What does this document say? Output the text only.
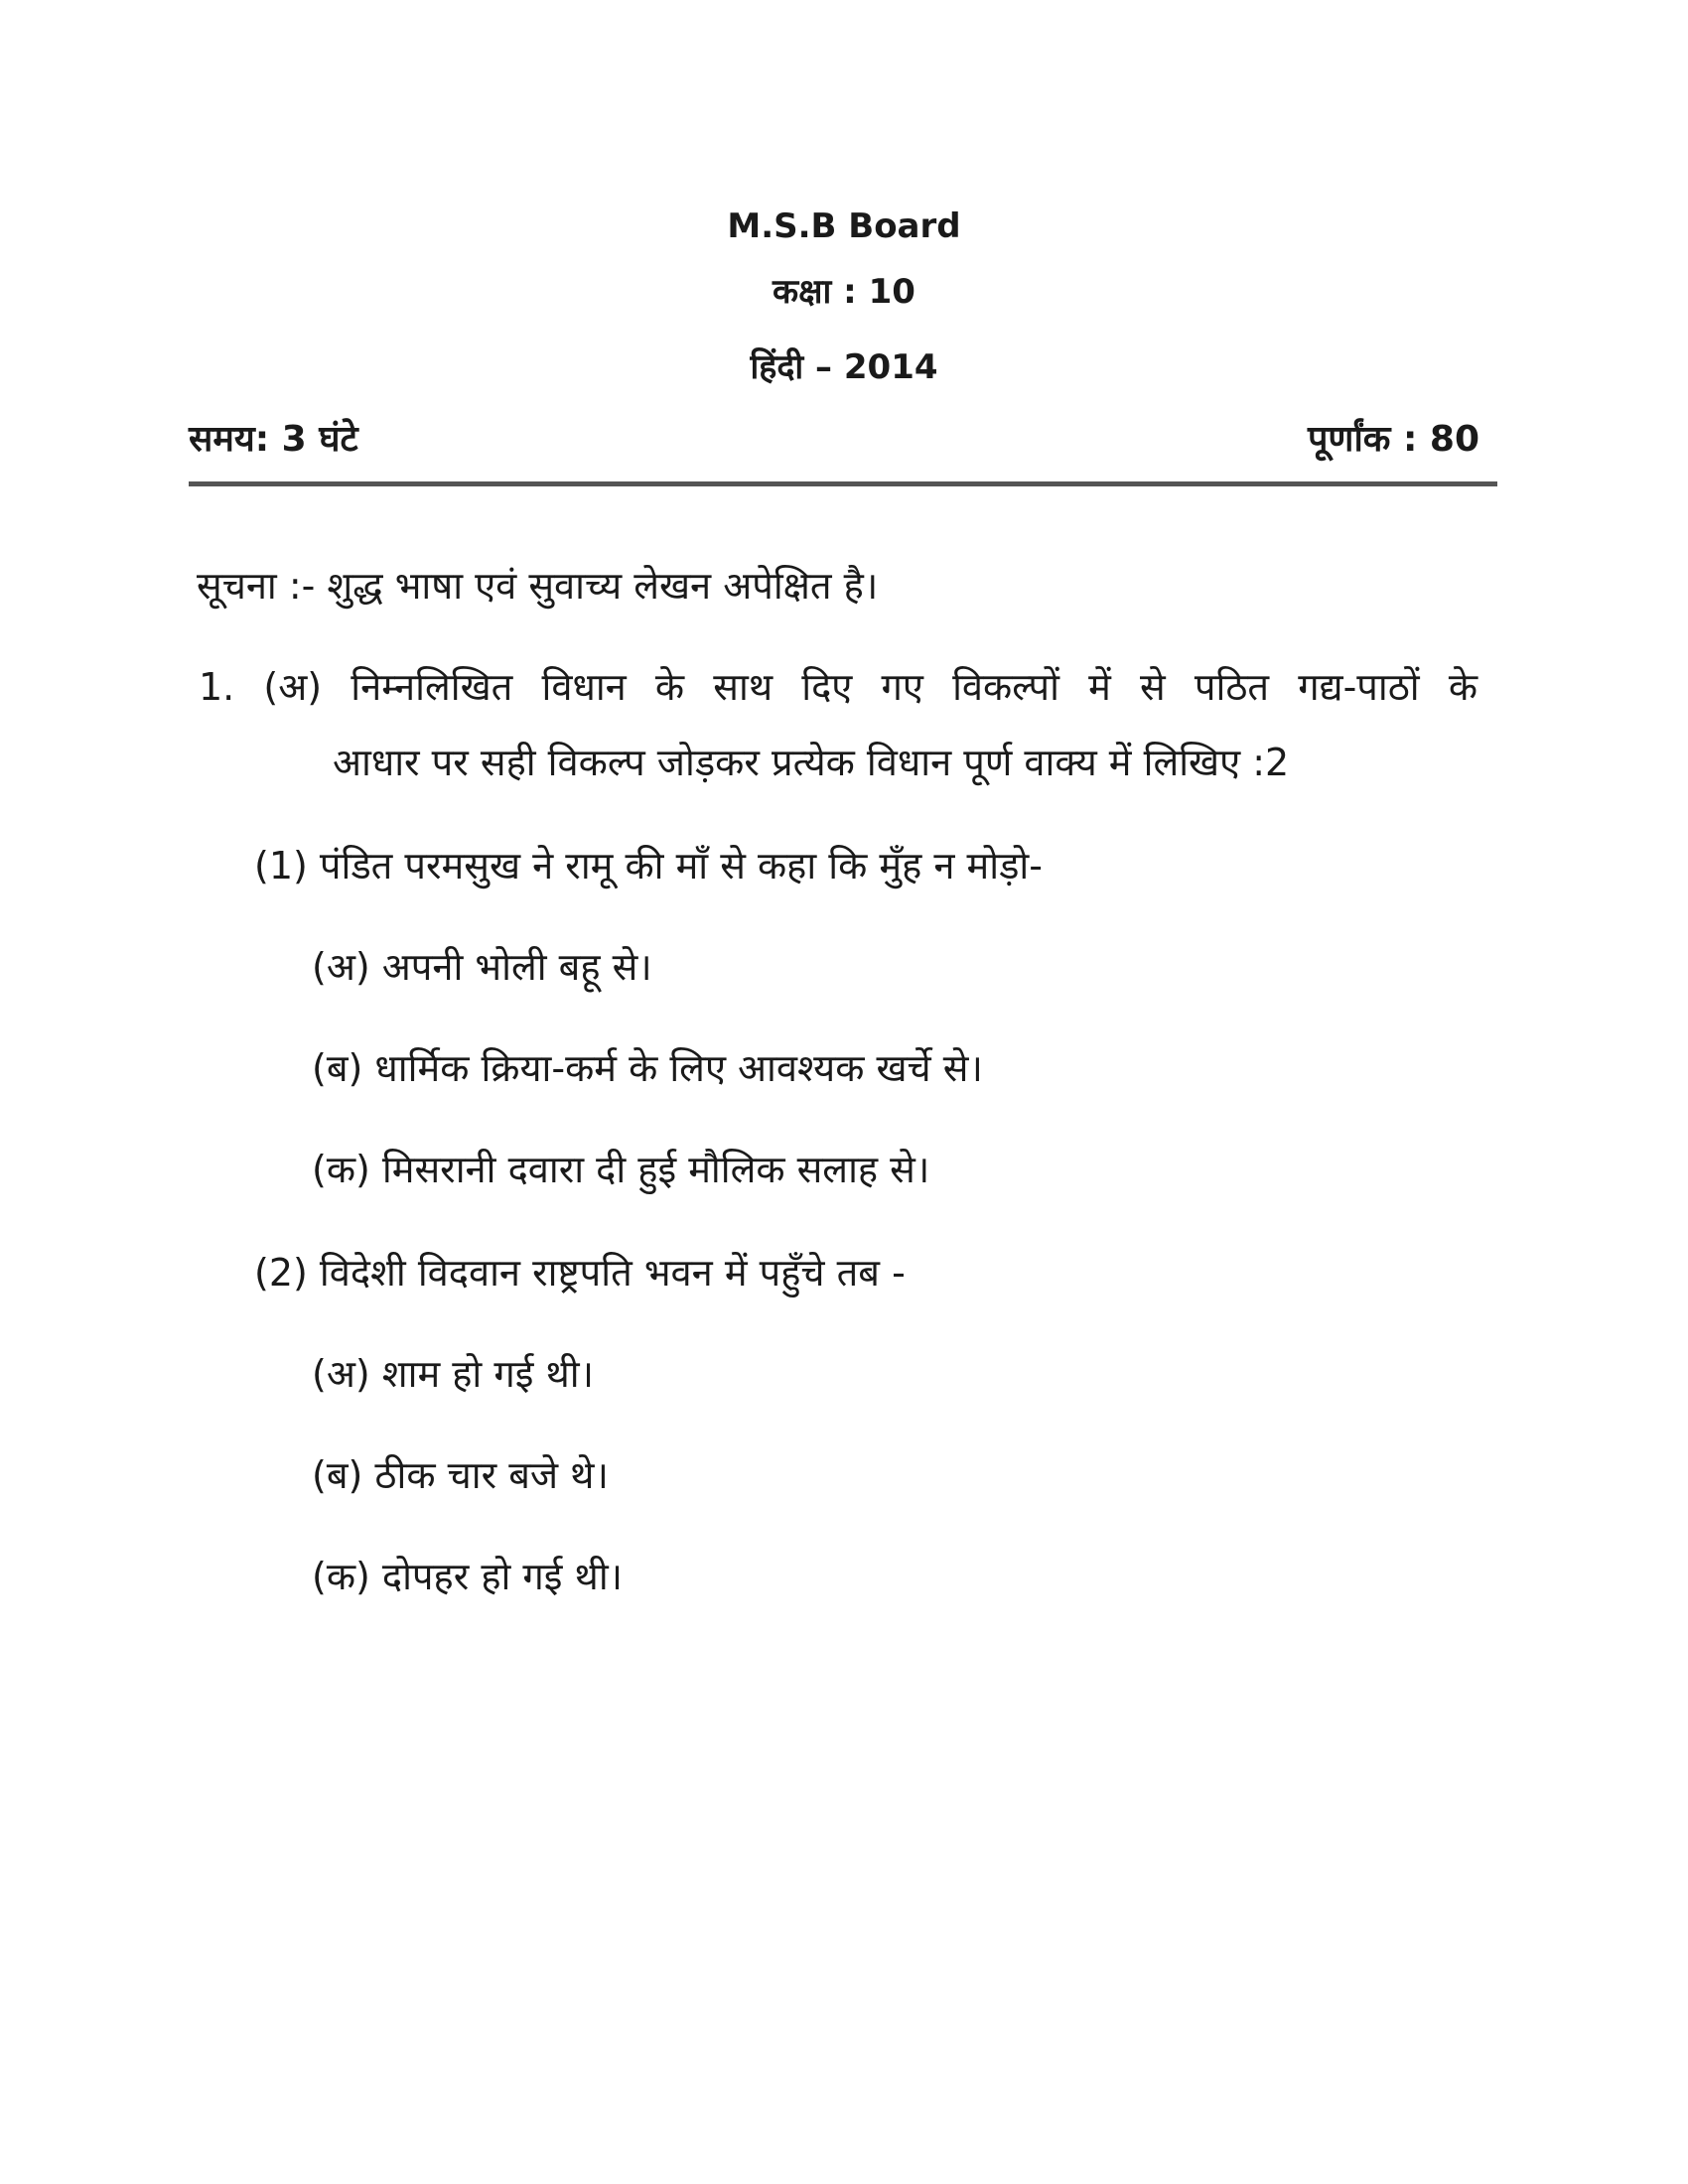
M.S.B Board
कक्षा : 10
हिंदी – 2014
समय: 3 घंटे	पूर्णांक : 80
सूचना :- शुद्ध भाषा एवं सुवाच्य लेखन अपेक्षित है।
1. (अ) निम्नलिखित विधान के साथ दिए गए विकल्पों में से पठित गद्य-पाठों के
आधार पर सही विकल्प जोड़कर प्रत्येक विधान पूर्ण वाक्य में लिखिए :2
(1) पंडित परमसुख ने रामू की माँ से कहा कि मुँह न मोड़ो-
(अ) अपनी भोली बहू से।
(ब) धार्मिक क्रिया-कर्म के लिए आवश्यक खर्चे से।
(क) मिसरानी दवारा दी हुई मौलिक सलाह से।
(2) विदेशी विदवान राष्ट्रपति भवन में पहुँचे तब -
(अ) शाम हो गई थी।
(ब) ठीक चार बजे थे।
(क) दोपहर हो गई थी।
